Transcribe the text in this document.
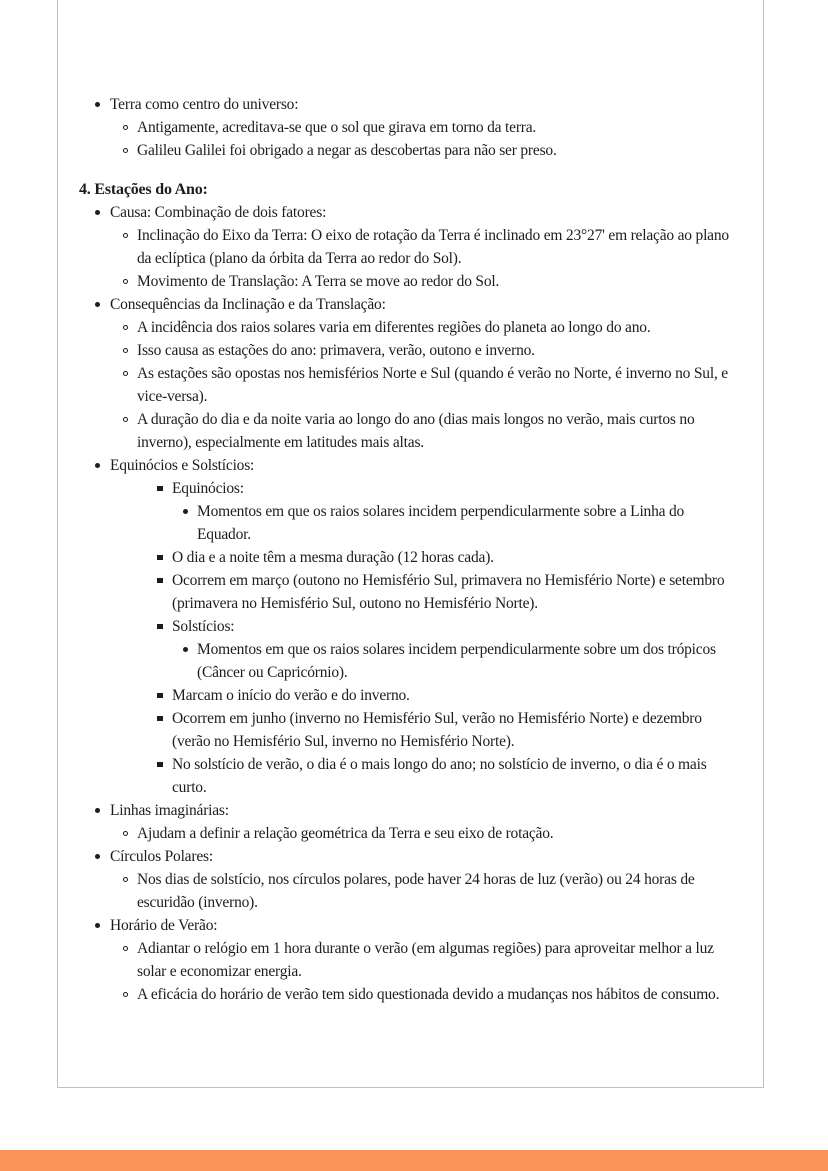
Terra como centro do universo:
Antigamente, acreditava-se que o sol que girava em torno da terra.
Galileu Galilei foi obrigado a negar as descobertas para não ser preso.
4. Estações do Ano:
Causa: Combinação de dois fatores:
Inclinação do Eixo da Terra: O eixo de rotação da Terra é inclinado em 23°27' em relação ao plano da eclíptica (plano da órbita da Terra ao redor do Sol).
Movimento de Translação: A Terra se move ao redor do Sol.
Consequências da Inclinação e da Translação:
A incidência dos raios solares varia em diferentes regiões do planeta ao longo do ano.
Isso causa as estações do ano: primavera, verão, outono e inverno.
As estações são opostas nos hemisférios Norte e Sul (quando é verão no Norte, é inverno no Sul, e vice-versa).
A duração do dia e da noite varia ao longo do ano (dias mais longos no verão, mais curtos no inverno), especialmente em latitudes mais altas.
Equinócios e Solstícios:
Equinócios:
Momentos em que os raios solares incidem perpendicularmente sobre a Linha do Equador.
O dia e a noite têm a mesma duração (12 horas cada).
Ocorrem em março (outono no Hemisfério Sul, primavera no Hemisfério Norte) e setembro (primavera no Hemisfério Sul, outono no Hemisfério Norte).
Solstícios:
Momentos em que os raios solares incidem perpendicularmente sobre um dos trópicos (Câncer ou Capricórnio).
Marcam o início do verão e do inverno.
Ocorrem em junho (inverno no Hemisfério Sul, verão no Hemisfério Norte) e dezembro (verão no Hemisfério Sul, inverno no Hemisfério Norte).
No solstício de verão, o dia é o mais longo do ano; no solstício de inverno, o dia é o mais curto.
Linhas imaginárias:
Ajudam a definir a relação geométrica da Terra e seu eixo de rotação.
Círculos Polares:
Nos dias de solstício, nos círculos polares, pode haver 24 horas de luz (verão) ou 24 horas de escuridão (inverno).
Horário de Verão:
Adiantar o relógio em 1 hora durante o verão (em algumas regiões) para aproveitar melhor a luz solar e economizar energia.
A eficácia do horário de verão tem sido questionada devido a mudanças nos hábitos de consumo.
